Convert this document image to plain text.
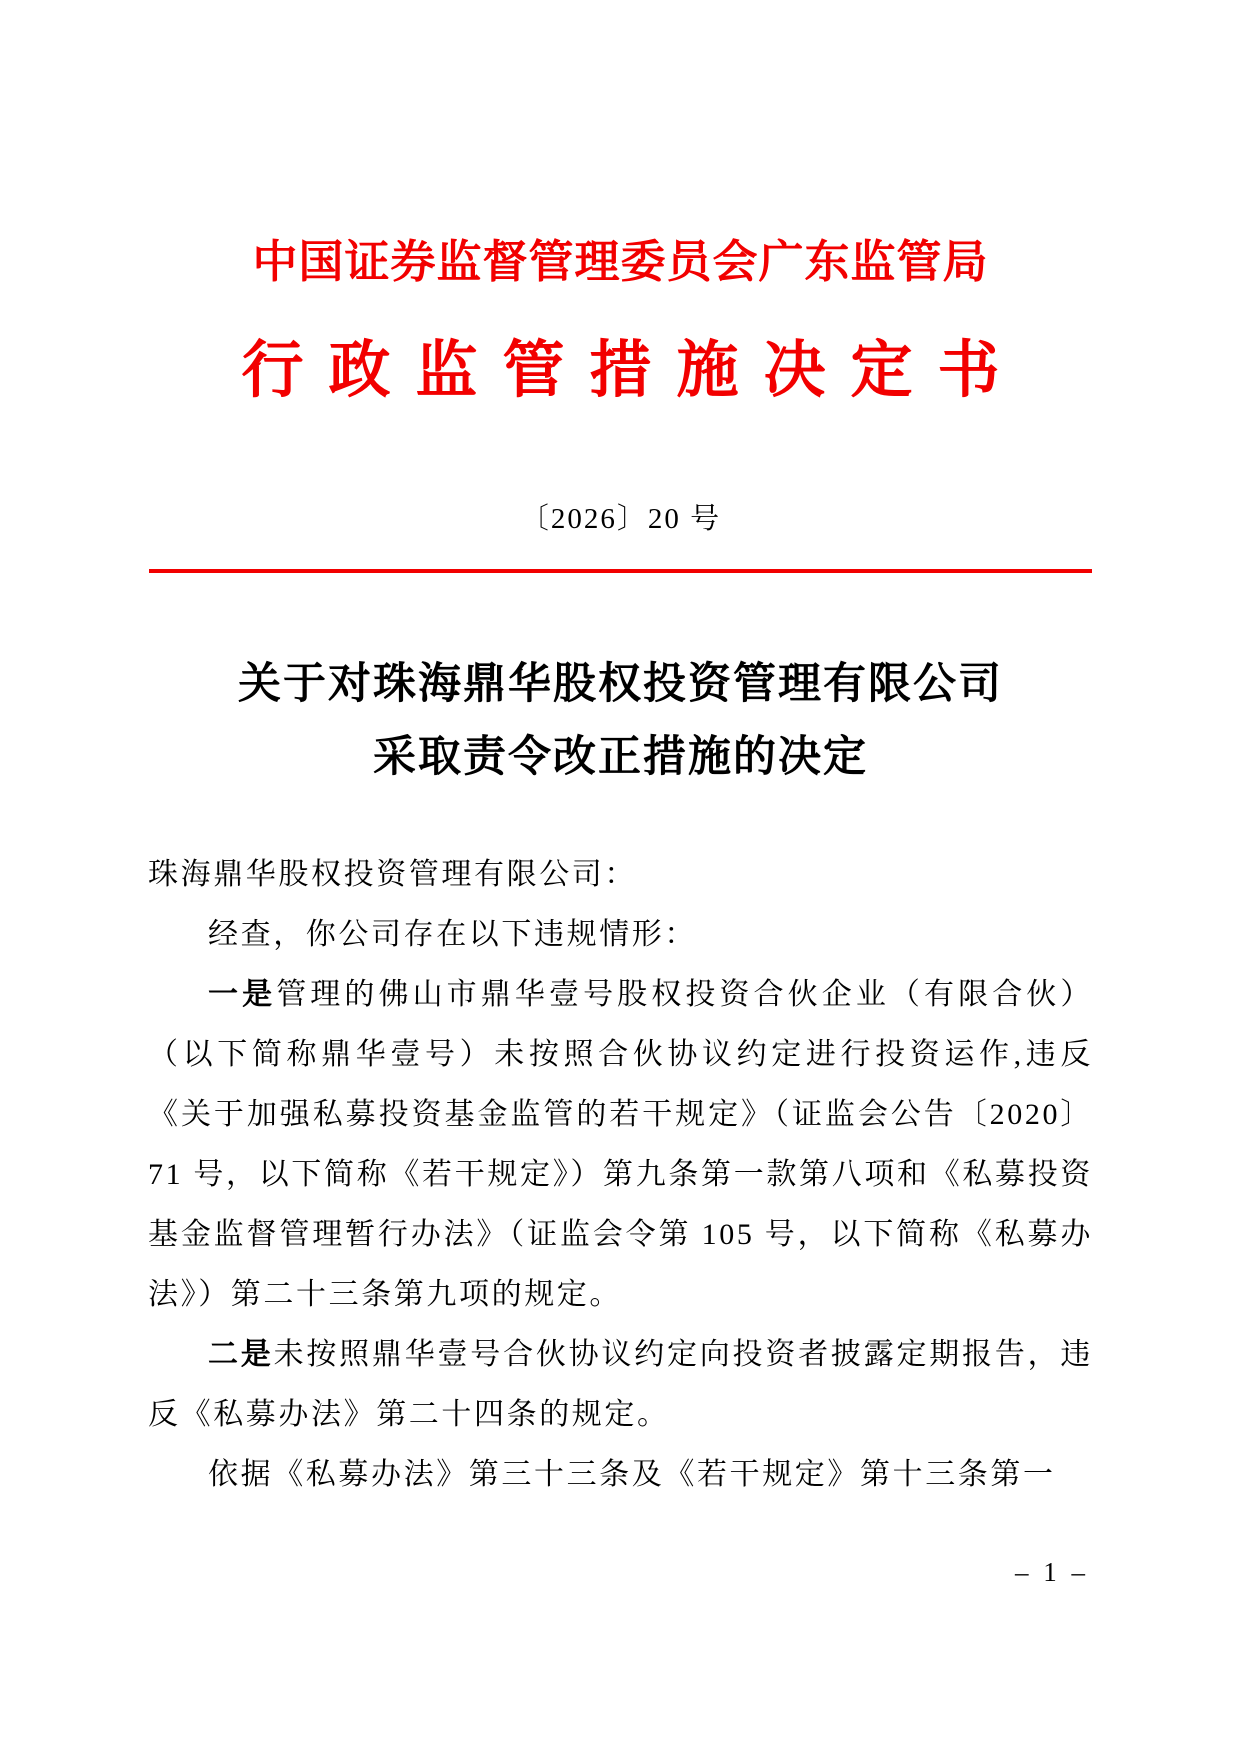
中国证券监督管理委员会广东监管局
行政监管措施决定书
〔2026〕20 号
关于对珠海鼎华股权投资管理有限公司
采取责令改正措施的决定

珠海鼎华股权投资管理有限公司：

经查，你公司存在以下违规情形：

一是管理的佛山市鼎华壹号股权投资合伙企业（有限合伙）（以下简称鼎华壹号）未按照合伙协议约定进行投资运作,违反《关于加强私募投资基金监管的若干规定》（证监会公告〔2020〕71 号，以下简称《若干规定》）第九条第一款第八项和《私募投资基金监督管理暂行办法》（证监会令第 105 号，以下简称《私募办法》）第二十三条第九项的规定。

二是未按照鼎华壹号合伙协议约定向投资者披露定期报告，违反《私募办法》第二十四条的规定。

依据《私募办法》第三十三条及《若干规定》第十三条第一

– 1 –
